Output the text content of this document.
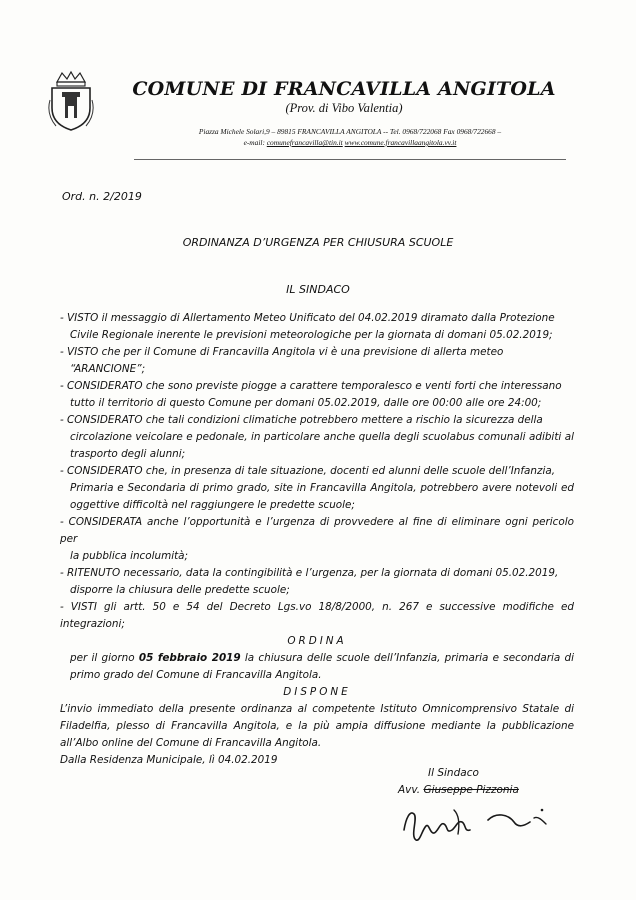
COMUNE DI FRANCAVILLA ANGITOLA
(Prov. di Vibo Valentia)
Piazza Michele Solari,9 – 89815 FRANCAVILLA ANGITOLA -- Tel. 0968/722068 Fax 0968/722668 –
e-mail: comunefrancavilla@tin.it www.comune.francavillaangitola.vv.it
Ord. n. 2/2019
ORDINANZA D’URGENZA PER CHIUSURA SCUOLE
IL SINDACO

- VISTO il messaggio di Allertamento Meteo Unificato del 04.02.2019 diramato dalla Protezione
Civile Regionale inerente le previsioni meteorologiche per la giornata di domani 05.02.2019;

- VISTO che per il Comune di Francavilla Angitola vi è una previsione di allerta meteo
“ARANCIONE”;

- CONSIDERATO che sono previste piogge a carattere temporalesco e venti forti che interessano
tutto il territorio di questo Comune per domani 05.02.2019, dalle ore 00:00 alle ore 24:00;

- CONSIDERATO che tali condizioni climatiche potrebbero mettere a rischio la sicurezza della
circolazione veicolare e pedonale, in particolare anche quella degli scuolabus comunali adibiti al trasporto degli alunni;

- CONSIDERATO che, in presenza di tale situazione, docenti ed alunni delle scuole dell’Infanzia,
Primaria e Secondaria di primo grado, site in Francavilla Angitola, potrebbero avere notevoli ed oggettive difficoltà nel raggiungere le predette scuole;

- CONSIDERATA anche l’opportunità e l’urgenza di provvedere al fine di eliminare ogni pericolo per
la pubblica incolumità;

- RITENUTO necessario, data la contingibilità e l’urgenza, per la giornata di domani 05.02.2019,
disporre la chiusura delle predette scuole;

- VISTI gli artt. 50 e 54 del Decreto Lgs.vo 18/8/2000, n. 267 e successive modifiche ed integrazioni;

ORDINA

per il giorno 05 febbraio 2019 la chiusura delle scuole dell’Infanzia, primaria e secondaria di primo grado del Comune di Francavilla Angitola.

DISPONE

L’invio immediato della presente ordinanza al competente Istituto Omnicomprensivo Statale di Filadelfia, plesso di Francavilla Angitola, e la più ampia diffusione mediante la pubblicazione all’Albo online del Comune di Francavilla Angitola.

Dalla Residenza Municipale, lì 04.02.2019

Il Sindaco
Avv. Giuseppe Pizzonia
